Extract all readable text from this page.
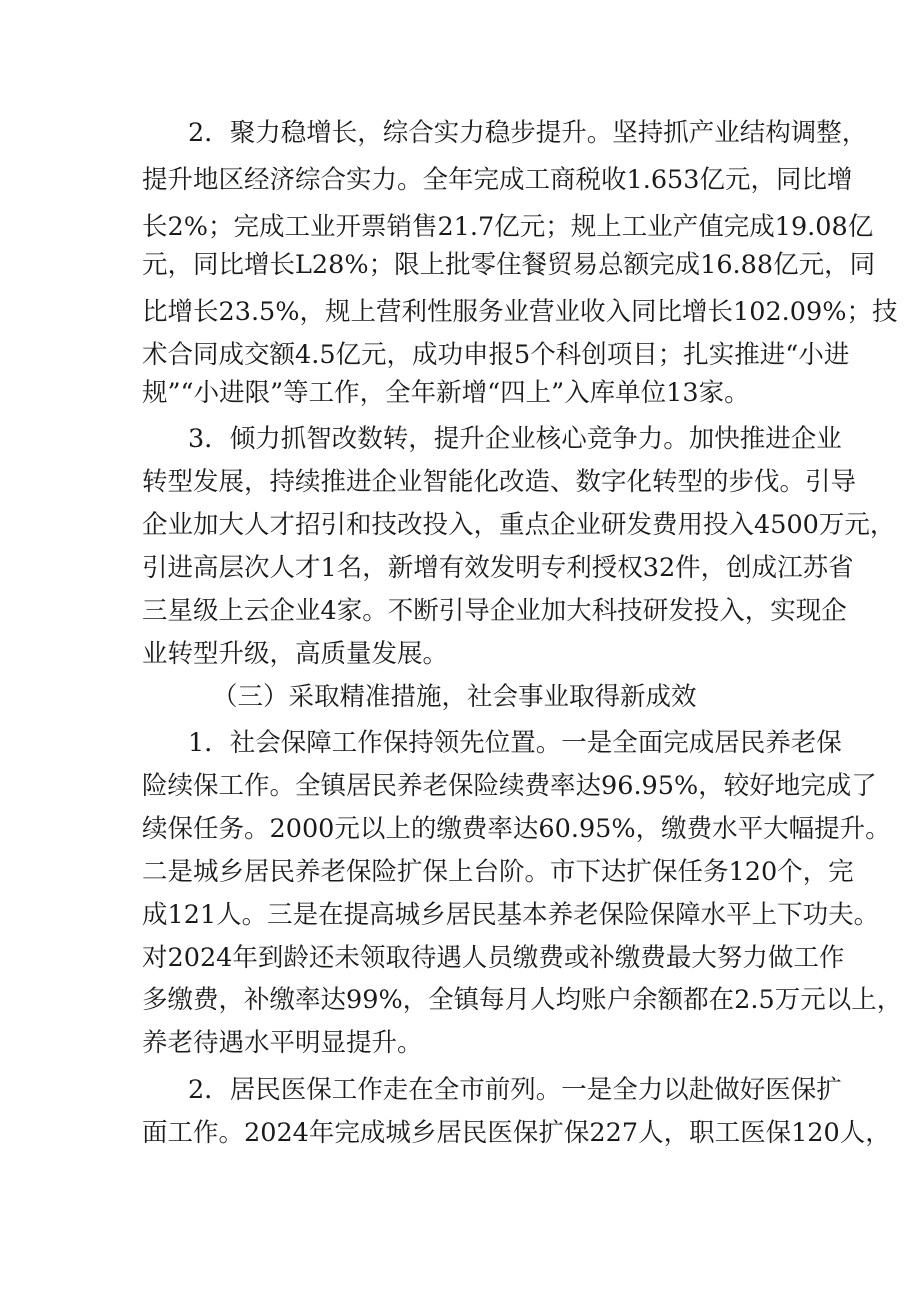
2．聚力稳增长，综合实力稳步提升。坚持抓产业结构调整，
提升地区经济综合实力。全年完成工商税收1.653亿元，同比增
长2%；完成工业开票销售21.7亿元；规上工业产值完成19.08亿
元，同比增长L28%；限上批零住餐贸易总额完成16.88亿元，同
比增长23.5%，规上营利性服务业营业收入同比增长102.09%；技
术合同成交额4.5亿元，成功申报5个科创项目；扎实推进“小进
规”“小进限”等工作，全年新增“四上”入库单位13家。
3．倾力抓智改数转，提升企业核心竞争力。加快推进企业
转型发展，持续推进企业智能化改造、数字化转型的步伐。引导
企业加大人才招引和技改投入，重点企业研发费用投入4500万元，
引进高层次人才1名，新增有效发明专利授权32件，创成江苏省
三星级上云企业4家。不断引导企业加大科技研发投入，实现企
业转型升级，高质量发展。
（三）采取精准措施，社会事业取得新成效
1．社会保障工作保持领先位置。一是全面完成居民养老保
险续保工作。全镇居民养老保险续费率达96.95%，较好地完成了
续保任务。2000元以上的缴费率达60.95%，缴费水平大幅提升。
二是城乡居民养老保险扩保上台阶。市下达扩保任务120个，完
成121人。三是在提高城乡居民基本养老保险保障水平上下功夫。
对2024年到龄还未领取待遇人员缴费或补缴费最大努力做工作
多缴费，补缴率达99%，全镇每月人均账户余额都在2.5万元以上，
养老待遇水平明显提升。
2．居民医保工作走在全市前列。一是全力以赴做好医保扩
面工作。2024年完成城乡居民医保扩保227人，职工医保120人，
